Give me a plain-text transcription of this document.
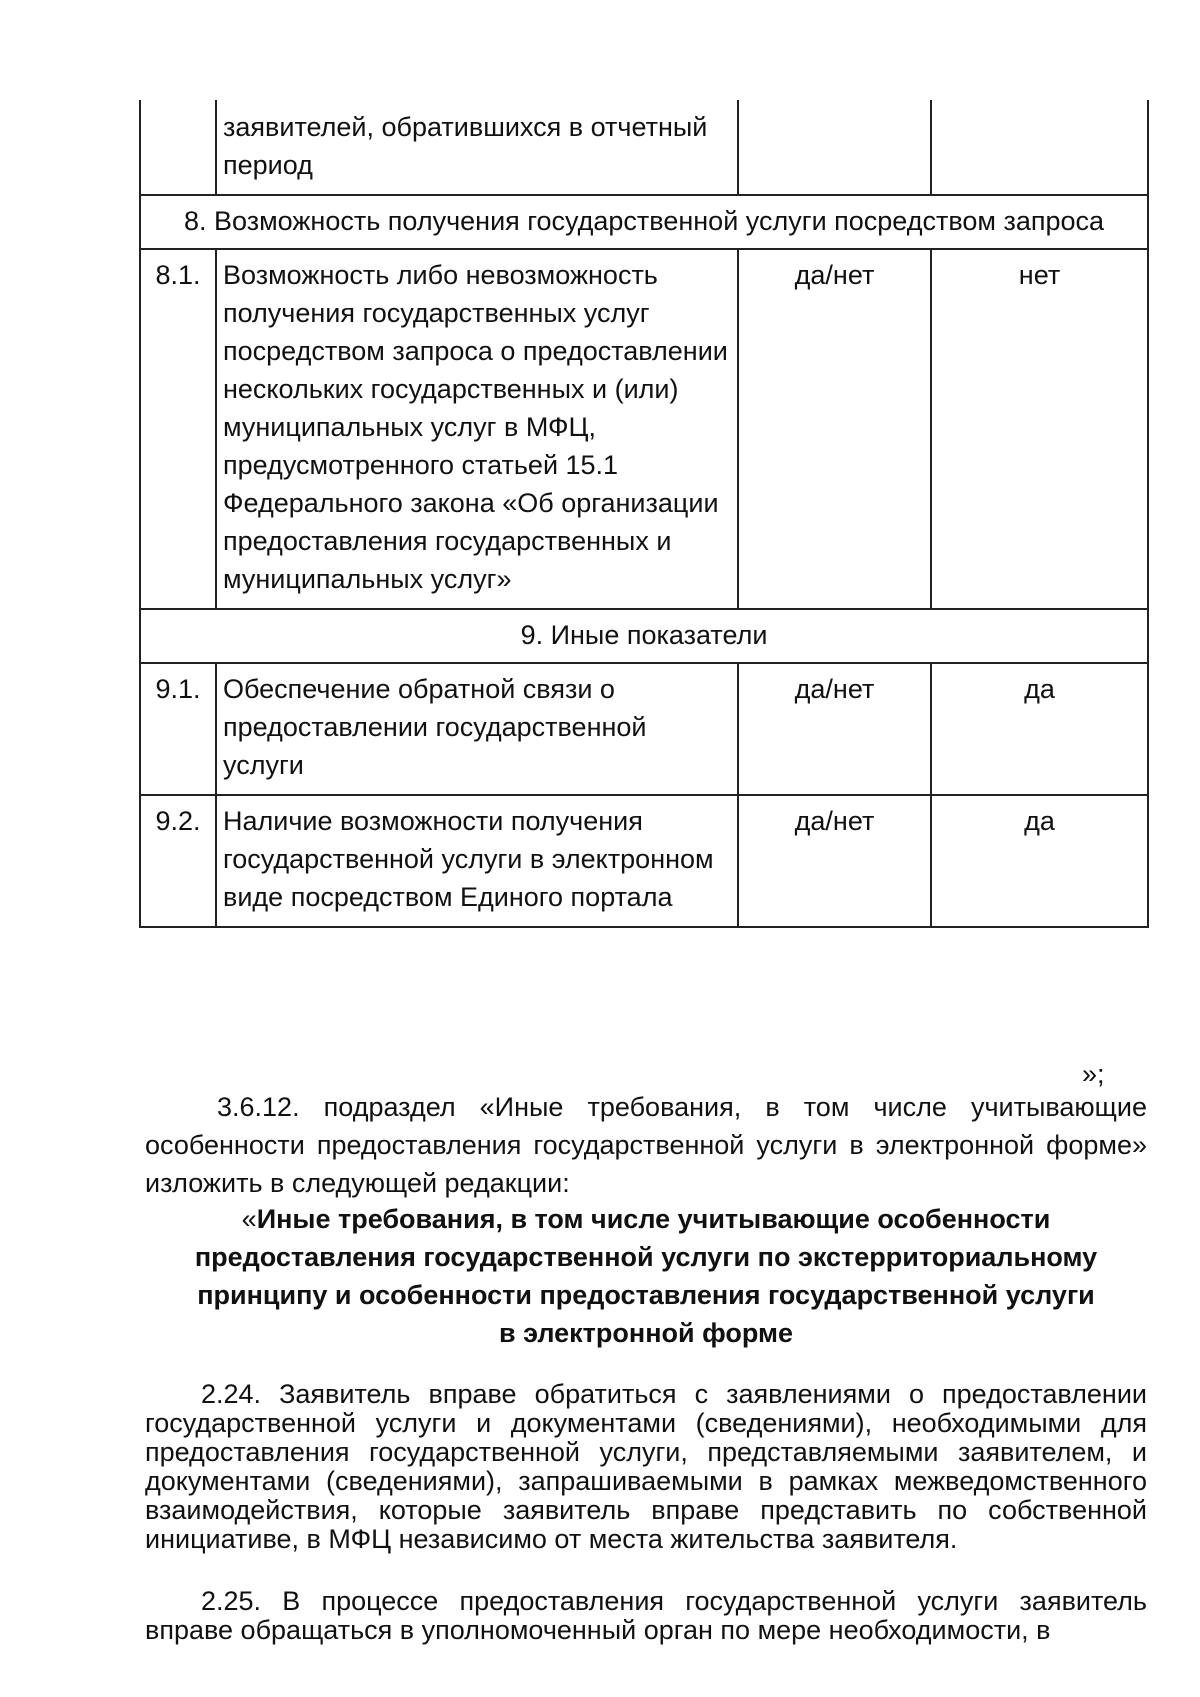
	заявителей, обратившихся в отчетный период		
8. Возможность получения государственной услуги посредством запроса			
8.1.	Возможность либо невозможность получения государственных услуг посредством запроса о предоставлении нескольких государственных и (или) муниципальных услуг в МФЦ, предусмотренного статьей 15.1 Федерального закона «Об организации предоставления государственных и муниципальных услуг»	да/нет	нет
9. Иные показатели			
9.1.	Обеспечение обратной связи о предоставлении государственной услуги	да/нет	да
9.2.	Наличие возможности получения государственной услуги в электронном виде посредством Единого портала	да/нет	да
»;

3.6.12. подраздел «Иные требования, в том числе учитывающие особенности предоставления государственной услуги в электронной форме» изложить в следующей редакции:

«Иные требования, в том числе учитывающие особенности
предоставления государственной услуги по экстерриториальному
принципу и особенности предоставления государственной услуги
в электронной форме

2.24. Заявитель вправе обратиться с заявлениями о предоставлении государственной услуги и документами (сведениями), необходимыми для предоставления государственной услуги, представляемыми заявителем, и документами (сведениями), запрашиваемыми в рамках межведомственного взаимодействия, которые заявитель вправе представить по собственной инициативе, в МФЦ независимо от места жительства заявителя.

2.25. В процессе предоставления государственной услуги заявитель вправе обращаться в уполномоченный орган по мере необходимости, в
